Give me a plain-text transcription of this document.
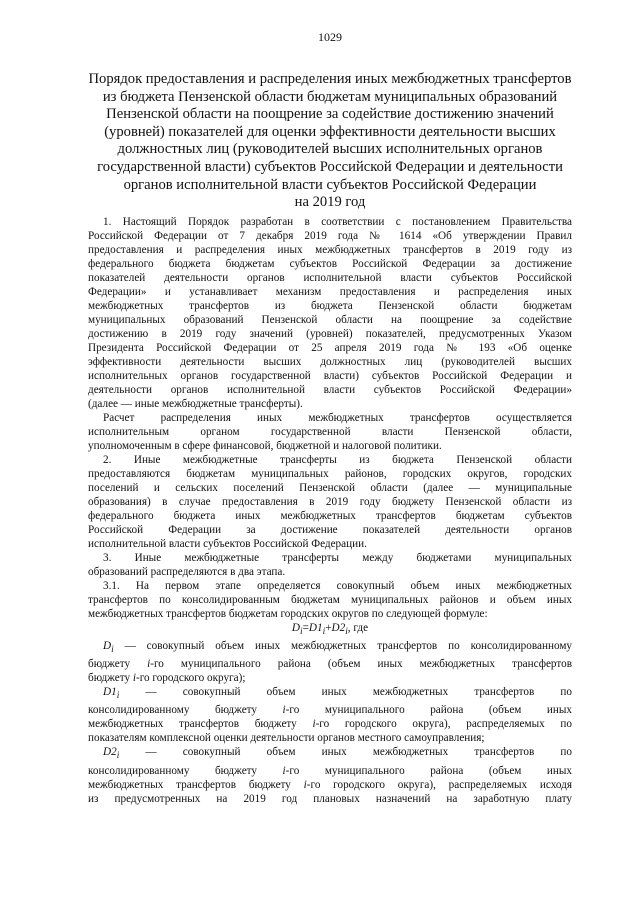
1029
Порядок предоставления и распределения иных межбюджетных трансфертов
из бюджета Пензенской области бюджетам муниципальных образований
Пензенской области на поощрение за содействие достижению значений
(уровней) показателей для оценки эффективности деятельности высших
должностных лиц (руководителей высших исполнительных органов
государственной власти) субъектов Российской Федерации и деятельности
органов исполнительной власти субъектов Российской Федерации
на 2019 год
1. Настоящий Порядок разработан в соответствии с постановлением Правительства
Российской Федерации от 7 декабря 2019 года № 1614 «Об утверждении Правил
предоставления и распределения иных межбюджетных трансфертов в 2019 году из
федерального бюджета бюджетам субъектов Российской Федерации за достижение
показателей деятельности органов исполнительной власти субъектов Российской
Федерации» и устанавливает механизм предоставления и распределения иных
межбюджетных трансфертов из бюджета Пензенской области бюджетам
муниципальных образований Пензенской области на поощрение за содействие
достижению в 2019 году значений (уровней) показателей, предусмотренных Указом
Президента Российской Федерации от 25 апреля 2019 года № 193 «Об оценке
эффективности деятельности высших должностных лиц (руководителей высших
исполнительных органов государственной власти) субъектов Российской Федерации и
деятельности органов исполнительной власти субъектов Российской Федерации»
(далее — иные межбюджетные трансферты).
Расчет распределения иных межбюджетных трансфертов осуществляется
исполнительным органом государственной власти Пензенской области,
уполномоченным в сфере финансовой, бюджетной и налоговой политики.
2. Иные межбюджетные трансферты из бюджета Пензенской области
предоставляются бюджетам муниципальных районов, городских округов, городских
поселений и сельских поселений Пензенской области (далее — муниципальные
образования) в случае предоставления в 2019 году бюджету Пензенской области из
федерального бюджета иных межбюджетных трансфертов бюджетам субъектов
Российской Федерации за достижение показателей деятельности органов
исполнительной власти субъектов Российской Федерации.
3. Иные межбюджетные трансферты между бюджетами муниципальных
образований распределяются в два этапа.
3.1. На первом этапе определяется совокупный объем иных межбюджетных
трансфертов по консолидированным бюджетам муниципальных районов и объем иных
межбюджетных трансфертов бюджетам городских округов по следующей формуле:
$D_i=D1_i+D2_i$, где
$D_i$ — совокупный объем иных межбюджетных трансфертов по консолидированному
бюджету i-го муниципального района (объем иных межбюджетных трансфертов
бюджету i-го городского округа);
$D1_i$ — совокупный объем иных межбюджетных трансфертов по
консолидированному бюджету i-го муниципального района (объем иных
межбюджетных трансфертов бюджету i-го городского округа), распределяемых по
показателям комплексной оценки деятельности органов местного самоуправления;
$D2_i$ — совокупный объем иных межбюджетных трансфертов по
консолидированному бюджету i-го муниципального района (объем иных
межбюджетных трансфертов бюджету i-го городского округа), распределяемых исходя
из предусмотренных на 2019 год плановых назначений на заработную плату
